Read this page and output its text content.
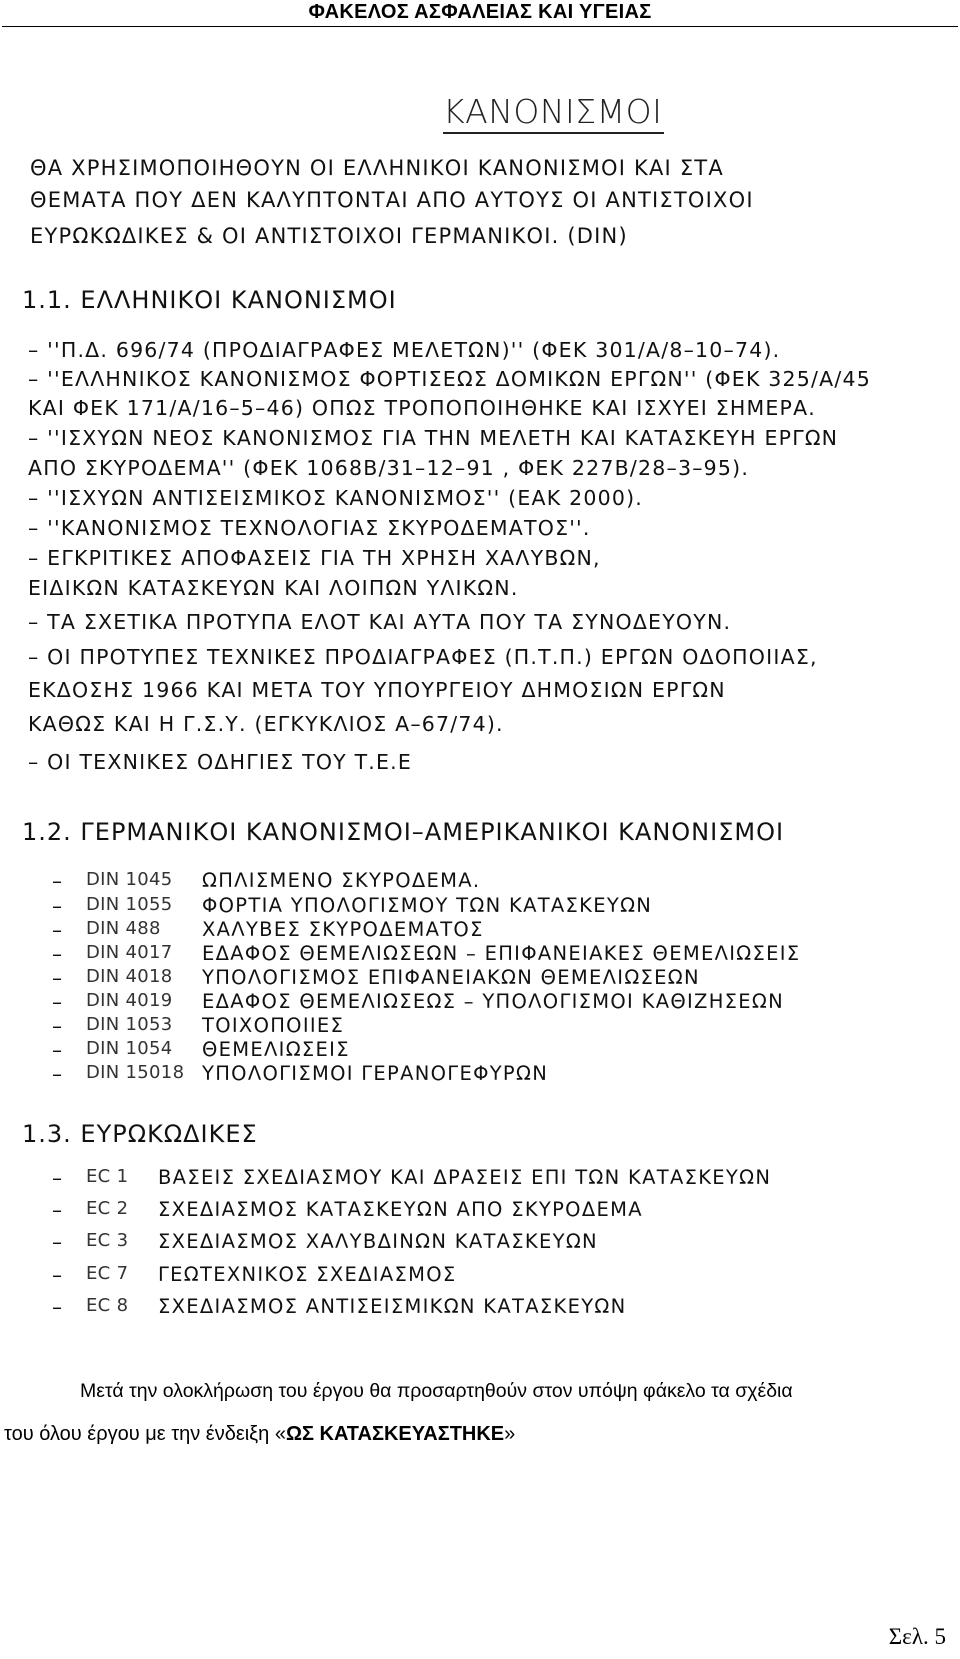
ΦΑΚΕΛΟΣ ΑΣΦΑΛΕΙΑΣ ΚΑΙ ΥΓΕΙΑΣ
ΚΑΝΟΝΙΣΜΟΙ
ΘΑ ΧΡΗΣΙΜΟΠΟΙΗΘΟΥΝ ΟΙ ΕΛΛΗΝΙΚΟΙ ΚΑΝΟΝΙΣΜΟΙ ΚΑΙ ΣΤΑ
ΘΕΜΑΤΑ ΠΟΥ ΔΕΝ ΚΑΛΥΠΤΟΝΤΑΙ ΑΠΟ ΑΥΤΟΥΣ ΟΙ ΑΝΤΙΣΤΟΙΧΟΙ
ΕΥΡΩΚΩΔΙΚΕΣ & ΟΙ ΑΝΤΙΣΤΟΙΧΟΙ ΓΕΡΜΑΝΙΚΟΙ. (DIN)
1.1. ΕΛΛΗΝΙΚΟΙ ΚΑΝΟΝΙΣΜΟΙ
– ''Π.Δ. 696/74 (ΠΡΟΔΙΑΓΡΑΦΕΣ ΜΕΛΕΤΩΝ)'' (ΦΕΚ 301/Α/8–10–74).
– ''ΕΛΛΗΝΙΚΟΣ ΚΑΝΟΝΙΣΜΟΣ ΦΟΡΤΙΣΕΩΣ ΔΟΜΙΚΩΝ ΕΡΓΩΝ'' (ΦΕΚ 325/Α/45
ΚΑΙ ΦΕΚ 171/Α/16–5–46) ΟΠΩΣ ΤΡΟΠΟΠΟΙΗΘΗΚΕ ΚΑΙ ΙΣΧΥΕΙ ΣΗΜΕΡΑ.
– ''ΙΣΧΥΩΝ ΝΕΟΣ ΚΑΝΟΝΙΣΜΟΣ ΓΙΑ ΤΗΝ ΜΕΛΕΤΗ ΚΑΙ ΚΑΤΑΣΚΕΥΗ ΕΡΓΩΝ
ΑΠΟ ΣΚΥΡΟΔΕΜΑ'' (ΦΕΚ 1068Β/31–12–91 , ΦΕΚ 227Β/28–3–95).
– ''ΙΣΧΥΩΝ ΑΝΤΙΣΕΙΣΜΙΚΟΣ ΚΑΝΟΝΙΣΜΟΣ'' (ΕΑΚ 2000).
– ''ΚΑΝΟΝΙΣΜΟΣ ΤΕΧΝΟΛΟΓΙΑΣ ΣΚΥΡΟΔΕΜΑΤΟΣ''.
– ΕΓΚΡΙΤΙΚΕΣ ΑΠΟΦΑΣΕΙΣ ΓΙΑ ΤΗ ΧΡΗΣΗ ΧΑΛΥΒΩΝ,
ΕΙΔΙΚΩΝ ΚΑΤΑΣΚΕΥΩΝ ΚΑΙ ΛΟΙΠΩΝ ΥΛΙΚΩΝ.
– ΤΑ ΣΧΕΤΙΚΑ ΠΡΟΤΥΠΑ ΕΛΟΤ ΚΑΙ ΑΥΤΑ ΠΟΥ ΤΑ ΣΥΝΟΔΕΥΟΥΝ.
– ΟΙ ΠΡΟΤΥΠΕΣ ΤΕΧΝΙΚΕΣ ΠΡΟΔΙΑΓΡΑΦΕΣ (Π.Τ.Π.) ΕΡΓΩΝ ΟΔΟΠΟΙΙΑΣ,
ΕΚΔΟΣΗΣ 1966 ΚΑΙ ΜΕΤΑ ΤΟΥ ΥΠΟΥΡΓΕΙΟΥ ΔΗΜΟΣΙΩΝ ΕΡΓΩΝ
ΚΑΘΩΣ ΚΑΙ Η Γ.Σ.Υ. (ΕΓΚΥΚΛΙΟΣ Α–67/74).
– ΟΙ ΤΕΧΝΙΚΕΣ ΟΔΗΓΙΕΣ ΤΟΥ Τ.Ε.Ε
1.2. ΓΕΡΜΑΝΙΚΟΙ ΚΑΝΟΝΙΣΜΟΙ–ΑΜΕΡΙΚΑΝΙΚΟΙ ΚΑΝΟΝΙΣΜΟΙ
– DIN 1045 ΩΠΛΙΣΜΕΝΟ ΣΚΥΡΟΔΕΜΑ.
– DIN 1055 ΦΟΡΤΙΑ ΥΠΟΛΟΓΙΣΜΟΥ ΤΩΝ ΚΑΤΑΣΚΕΥΩΝ
– DIN 488 ΧΑΛΥΒΕΣ ΣΚΥΡΟΔΕΜΑΤΟΣ
– DIN 4017 ΕΔΑΦΟΣ ΘΕΜΕΛΙΩΣΕΩΝ – ΕΠΙΦΑΝΕΙΑΚΕΣ ΘΕΜΕΛΙΩΣΕΙΣ
– DIN 4018 ΥΠΟΛΟΓΙΣΜΟΣ ΕΠΙΦΑΝΕΙΑΚΩΝ ΘΕΜΕΛΙΩΣΕΩΝ
– DIN 4019 ΕΔΑΦΟΣ ΘΕΜΕΛΙΩΣΕΩΣ – ΥΠΟΛΟΓΙΣΜΟΙ ΚΑΘΙΖΗΣΕΩΝ
– DIN 1053 ΤΟΙΧΟΠΟΙΙΕΣ
– DIN 1054 ΘΕΜΕΛΙΩΣΕΙΣ
– DIN 15018 ΥΠΟΛΟΓΙΣΜΟΙ ΓΕΡΑΝΟΓΕΦΥΡΩΝ
1.3. ΕΥΡΩΚΩΔΙΚΕΣ
– EC 1 ΒΑΣΕΙΣ ΣΧΕΔΙΑΣΜΟΥ ΚΑΙ ΔΡΑΣΕΙΣ ΕΠΙ ΤΩΝ ΚΑΤΑΣΚΕΥΩΝ
– EC 2 ΣΧΕΔΙΑΣΜΟΣ ΚΑΤΑΣΚΕΥΩΝ ΑΠΟ ΣΚΥΡΟΔΕΜΑ
– EC 3 ΣΧΕΔΙΑΣΜΟΣ ΧΑΛΥΒΔΙΝΩΝ ΚΑΤΑΣΚΕΥΩΝ
– EC 7 ΓΕΩΤΕΧΝΙΚΟΣ ΣΧΕΔΙΑΣΜΟΣ
– EC 8 ΣΧΕΔΙΑΣΜΟΣ ΑΝΤΙΣΕΙΣΜΙΚΩΝ ΚΑΤΑΣΚΕΥΩΝ
Μετά την ολοκλήρωση του έργου θα προσαρτηθούν στον υπόψη φάκελο τα σχέδια
του όλου έργου με την ένδειξη «ΩΣ ΚΑΤΑΣΚΕΥΑΣΤΗΚΕ»
Σελ. 5
